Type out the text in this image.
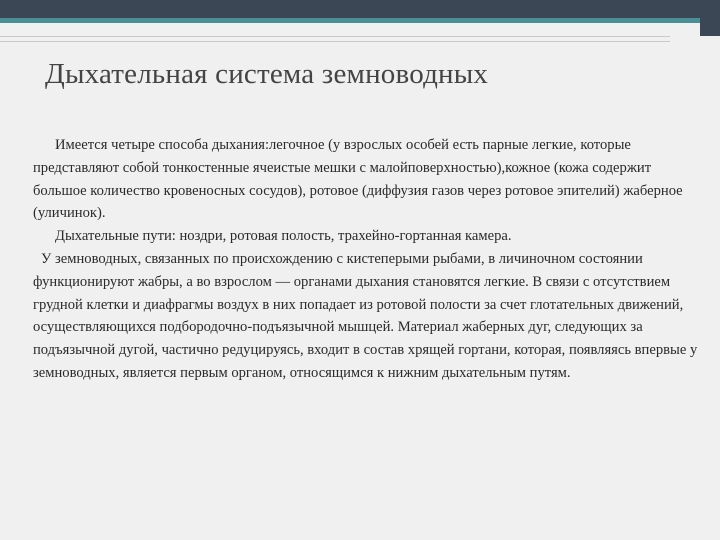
Дыхательная система земноводных

Имеется четыре способа дыхания:легочное (у взрослых особей есть парные легкие, которые представляют собой тонкостенные ячеистые мешки с малойповерхностью),кожное (кожа содержит большое количество кровеносных сосудов), ротовое (диффузия газов через ротовое эпителий) жаберное (уличинок).

Дыхательные пути: ноздри, ротовая полость, трахейно-гортанная камера.

У земноводных, связанных по происхождению с кистеперыми рыбами, в личиночном состоянии функционируют жабры, а во взрослом — органами дыхания становятся легкие. В связи с отсутствием грудной клетки и диафрагмы воздух в них попадает из ротовой полости за счет глотательных движений, осуществляющихся подбородочно-подъязычной мышцей. Материал жаберных дуг, следующих за подъязычной дугой, частично редуцируясь, входит в состав хрящей гортани, которая, появляясь впервые у земноводных, является первым органом, относящимся к нижним дыхательным путям.
